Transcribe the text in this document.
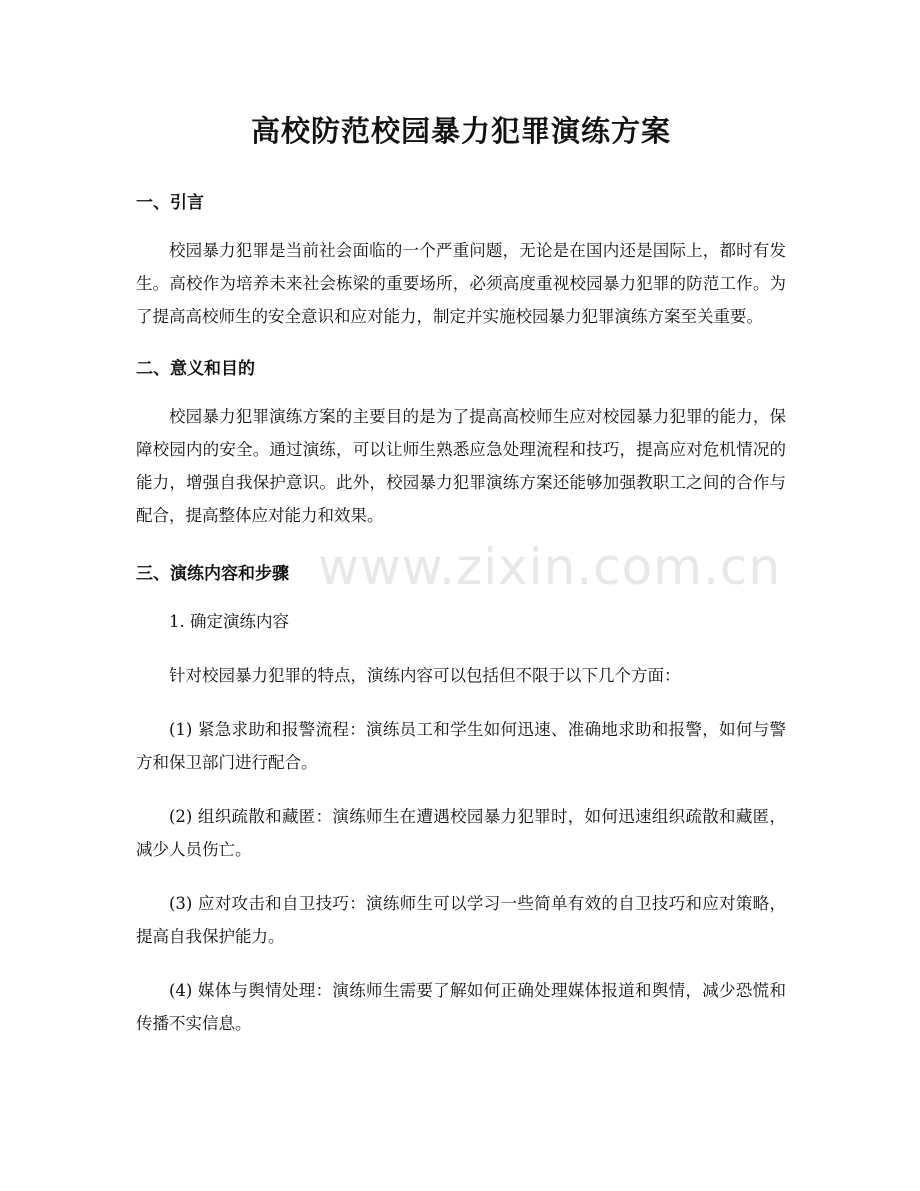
高校防范校园暴力犯罪演练方案
一、引言

校园暴力犯罪是当前社会面临的一个严重问题，无论是在国内还是国际上，都时有发生。高校作为培养未来社会栋梁的重要场所，必须高度重视校园暴力犯罪的防范工作。为了提高高校师生的安全意识和应对能力，制定并实施校园暴力犯罪演练方案至关重要。

二、意义和目的

校园暴力犯罪演练方案的主要目的是为了提高高校师生应对校园暴力犯罪的能力，保障校园内的安全。通过演练，可以让师生熟悉应急处理流程和技巧，提高应对危机情况的能力，增强自我保护意识。此外，校园暴力犯罪演练方案还能够加强教职工之间的合作与配合，提高整体应对能力和效果。

三、演练内容和步骤

1. 确定演练内容

针对校园暴力犯罪的特点，演练内容可以包括但不限于以下几个方面：

(1) 紧急求助和报警流程：演练员工和学生如何迅速、准确地求助和报警，如何与警方和保卫部门进行配合。

(2) 组织疏散和藏匿：演练师生在遭遇校园暴力犯罪时，如何迅速组织疏散和藏匿，减少人员伤亡。

(3) 应对攻击和自卫技巧：演练师生可以学习一些简单有效的自卫技巧和应对策略，提高自我保护能力。

(4) 媒体与舆情处理：演练师生需要了解如何正确处理媒体报道和舆情，减少恐慌和传播不实信息。

www.zixin.com.cn
